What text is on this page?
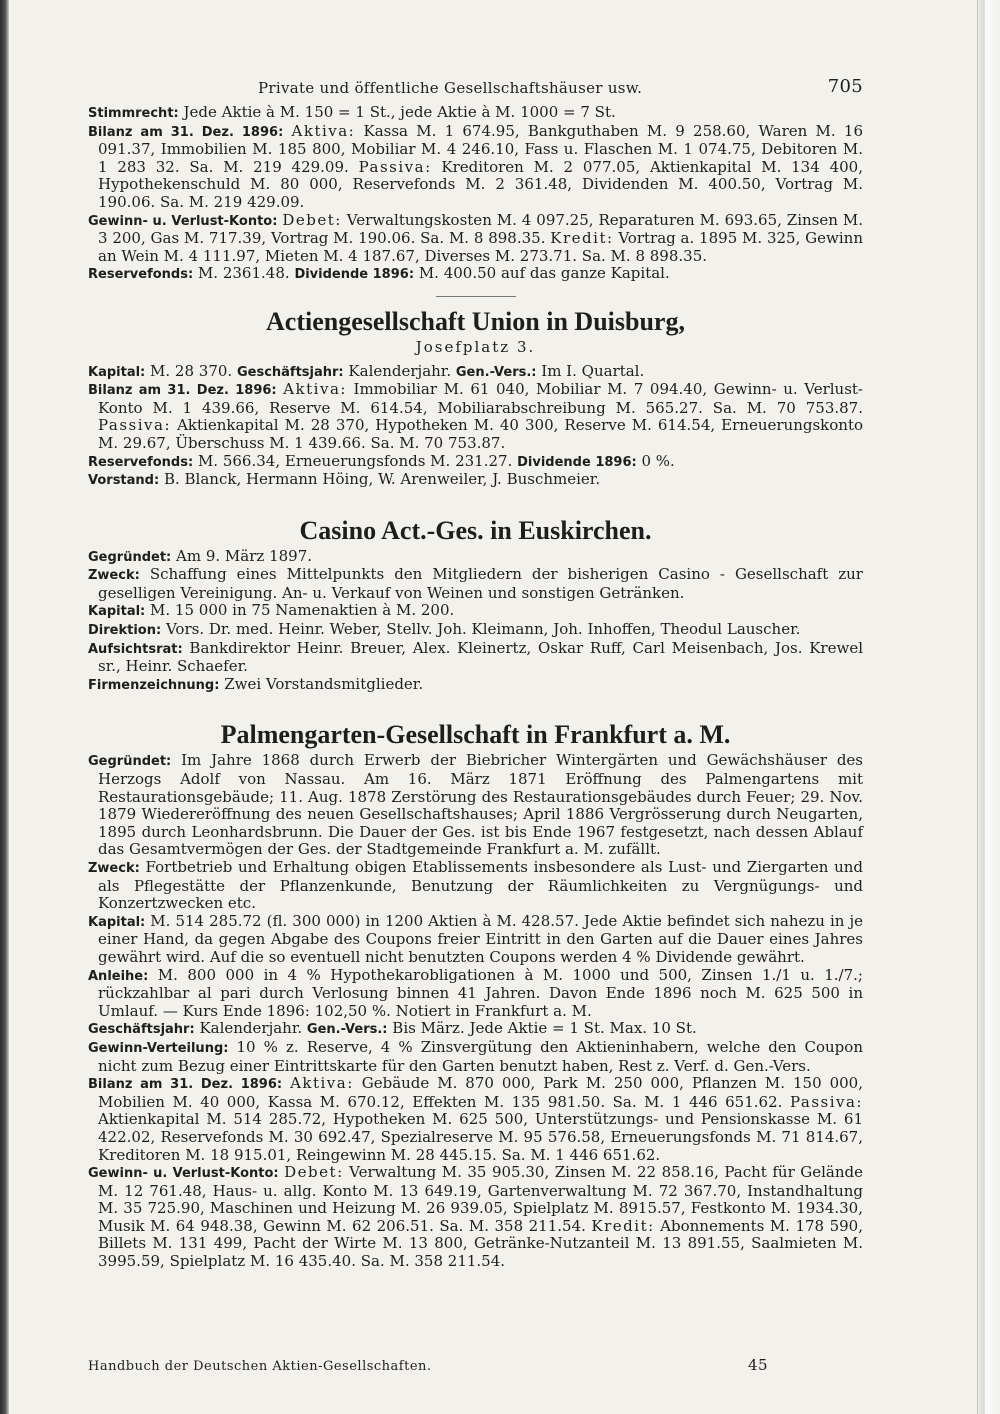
Private und öffentliche Gesellschaftshäuser usw.	705

Stimmrecht: Jede Aktie à M. 150 = 1 St., jede Aktie à M. 1000 = 7 St.

Bilanz am 31. Dez. 1896: Aktiva: Kassa M. 1 674.95, Bankguthaben M. 9 258.60, Waren M. 16 091.37, Immobilien M. 185 800, Mobiliar M. 4 246.10, Fass u. Flaschen M. 1 074.75, Debitoren M. 1 283 32. Sa. M. 219 429.09. Passiva: Kreditoren M. 2 077.05, Aktienkapital M. 134 400, Hypothekenschuld M. 80 000, Reservefonds M. 2 361.48, Dividenden M. 400.50, Vortrag M. 190.06. Sa. M. 219 429.09.

Gewinn- u. Verlust-Konto: Debet: Verwaltungskosten M. 4 097.25, Reparaturen M. 693.65, Zinsen M. 3 200, Gas M. 717.39, Vortrag M. 190.06. Sa. M. 8 898.35. Kredit: Vortrag a. 1895 M. 325, Gewinn an Wein M. 4 111.97, Mieten M. 4 187.67, Diverses M. 273.71. Sa. M. 8 898.35.

Reservefonds: M. 2361.48. Dividende 1896: M. 400.50 auf das ganze Kapital.

Actiengesellschaft Union in Duisburg,

Josefplatz 3.

Kapital: M. 28 370. Geschäftsjahr: Kalenderjahr. Gen.-Vers.: Im I. Quartal.

Bilanz am 31. Dez. 1896: Aktiva: Immobiliar M. 61 040, Mobiliar M. 7 094.40, Gewinn- u. Verlust-Konto M. 1 439.66, Reserve M. 614.54, Mobiliarabschreibung M. 565.27. Sa. M. 70 753.87. Passiva: Aktienkapital M. 28 370, Hypotheken M. 40 300, Reserve M. 614.54, Erneuerungskonto M. 29.67, Überschuss M. 1 439.66. Sa. M. 70 753.87.

Reservefonds: M. 566.34, Erneuerungsfonds M. 231.27. Dividende 1896: 0 %.

Vorstand: B. Blanck, Hermann Höing, W. Arenweiler, J. Buschmeier.

Casino Act.-Ges. in Euskirchen.

Gegründet: Am 9. März 1897.

Zweck: Schaffung eines Mittelpunkts den Mitgliedern der bisherigen Casino - Gesellschaft zur geselligen Vereinigung. An- u. Verkauf von Weinen und sonstigen Getränken.

Kapital: M. 15 000 in 75 Namenaktien à M. 200.

Direktion: Vors. Dr. med. Heinr. Weber, Stellv. Joh. Kleimann, Joh. Inhoffen, Theodul Lauscher.

Aufsichtsrat: Bankdirektor Heinr. Breuer, Alex. Kleinertz, Oskar Ruff, Carl Meisenbach, Jos. Krewel sr., Heinr. Schaefer.

Firmenzeichnung: Zwei Vorstandsmitglieder.

Palmengarten-Gesellschaft in Frankfurt a. M.

Gegründet: Im Jahre 1868 durch Erwerb der Biebricher Wintergärten und Gewächshäuser des Herzogs Adolf von Nassau. Am 16. März 1871 Eröffnung des Palmengartens mit Restaurationsgebäude; 11. Aug. 1878 Zerstörung des Restaurationsgebäudes durch Feuer; 29. Nov. 1879 Wiedereröffnung des neuen Gesellschaftshauses; April 1886 Vergrösserung durch Neugarten, 1895 durch Leonhardsbrunn. Die Dauer der Ges. ist bis Ende 1967 festgesetzt, nach dessen Ablauf das Gesamtvermögen der Ges. der Stadtgemeinde Frankfurt a. M. zufällt.

Zweck: Fortbetrieb und Erhaltung obigen Etablissements insbesondere als Lust- und Ziergarten und als Pflegestätte der Pflanzenkunde, Benutzung der Räumlichkeiten zu Vergnügungs- und Konzertzwecken etc.

Kapital: M. 514 285.72 (fl. 300 000) in 1200 Aktien à M. 428.57. Jede Aktie befindet sich nahezu in je einer Hand, da gegen Abgabe des Coupons freier Eintritt in den Garten auf die Dauer eines Jahres gewährt wird. Auf die so eventuell nicht benutzten Coupons werden 4 % Dividende gewährt.

Anleihe: M. 800 000 in 4 % Hypothekarobligationen à M. 1000 und 500, Zinsen 1./1 u. 1./7.; rückzahlbar al pari durch Verlosung binnen 41 Jahren. Davon Ende 1896 noch M. 625 500 in Umlauf. — Kurs Ende 1896: 102,50 %. Notiert in Frankfurt a. M.

Geschäftsjahr: Kalenderjahr. Gen.-Vers.: Bis März. Jede Aktie = 1 St. Max. 10 St.

Gewinn-Verteilung: 10 % z. Reserve, 4 % Zinsvergütung den Aktieninhabern, welche den Coupon nicht zum Bezug einer Eintrittskarte für den Garten benutzt haben, Rest z. Verf. d. Gen.-Vers.

Bilanz am 31. Dez. 1896: Aktiva: Gebäude M. 870 000, Park M. 250 000, Pflanzen M. 150 000, Mobilien M. 40 000, Kassa M. 670.12, Effekten M. 135 981.50. Sa. M. 1 446 651.62. Passiva: Aktienkapital M. 514 285.72, Hypotheken M. 625 500, Unterstützungs- und Pensionskasse M. 61 422.02, Reservefonds M. 30 692.47, Spezialreserve M. 95 576.58, Erneuerungsfonds M. 71 814.67, Kreditoren M. 18 915.01, Reingewinn M. 28 445.15. Sa. M. 1 446 651.62.

Gewinn- u. Verlust-Konto: Debet: Verwaltung M. 35 905.30, Zinsen M. 22 858.16, Pacht für Gelände M. 12 761.48, Haus- u. allg. Konto M. 13 649.19, Gartenverwaltung M. 72 367.70, Instandhaltung M. 35 725.90, Maschinen und Heizung M. 26 939.05, Spielplatz M. 8915.57, Festkonto M. 1934.30, Musik M. 64 948.38, Gewinn M. 62 206.51. Sa. M. 358 211.54. Kredit: Abonnements M. 178 590, Billets M. 131 499, Pacht der Wirte M. 13 800, Getränke-Nutzanteil M. 13 891.55, Saalmieten M. 3995.59, Spielplatz M. 16 435.40. Sa. M. 358 211.54.

Handbuch der Deutschen Aktien-Gesellschaften.	45
